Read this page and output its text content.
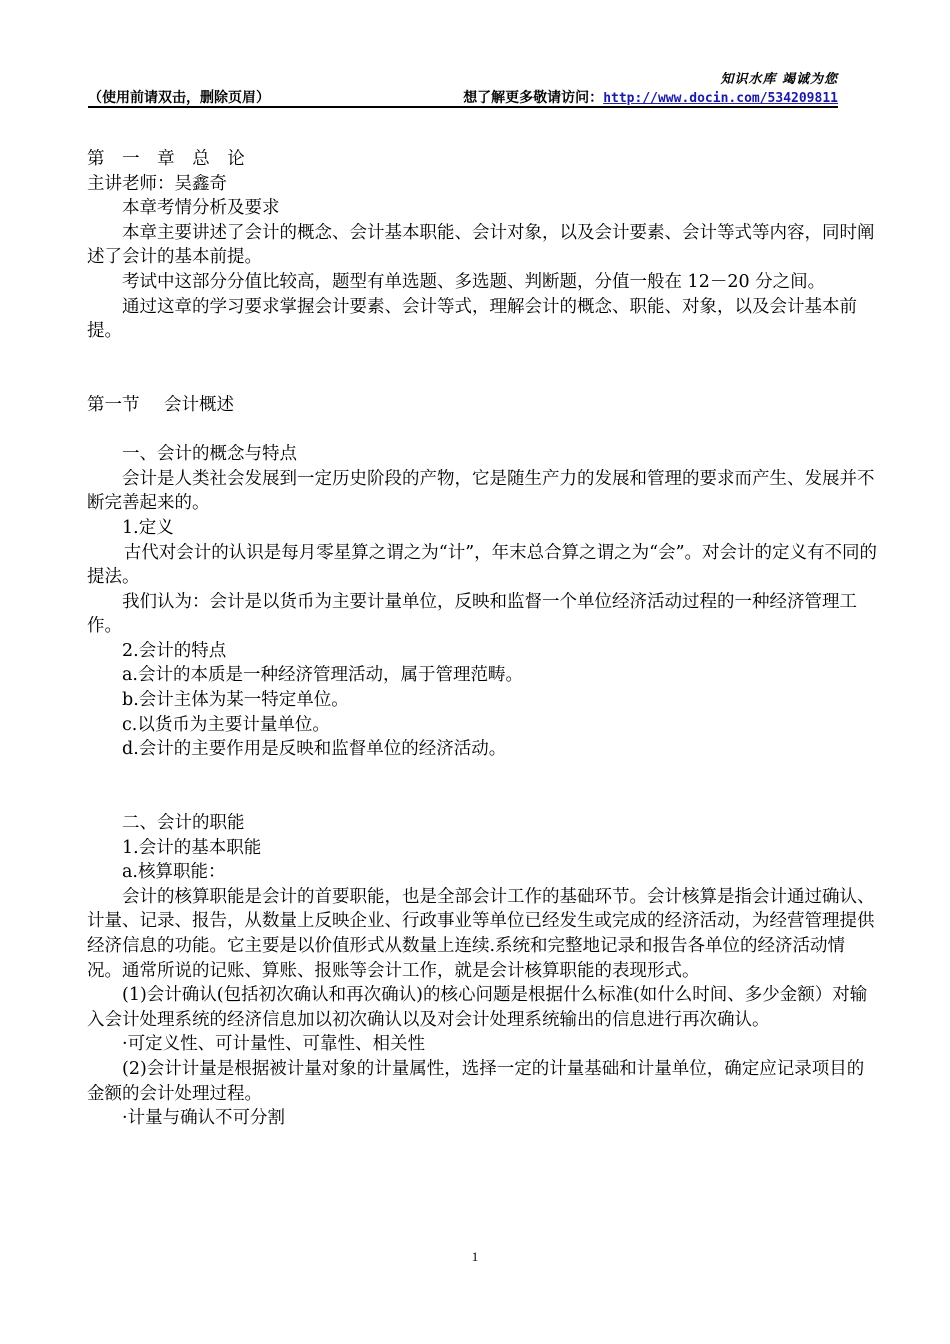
知识水库 竭诚为您
（使用前请双击，删除页眉）	想了解更多敬请访问：http://www.docin.com/534209811

第 一 章 总 论

主讲老师：吴鑫奇

本章考情分析及要求

本章主要讲述了会计的概念、会计基本职能、会计对象，以及会计要素、会计等式等内容，同时阐述了会计的基本前提。

考试中这部分分值比较高，题型有单选题、多选题、判断题，分值一般在 12－20 分之间。

通过这章的学习要求掌握会计要素、会计等式，理解会计的概念、职能、对象，以及会计基本前提。

第一节 会计概述

一、会计的概念与特点

会计是人类社会发展到一定历史阶段的产物，它是随生产力的发展和管理的要求而产生、发展并不断完善起来的。

1.定义

古代对会计的认识是每月零星算之谓之为“计”，年末总合算之谓之为“会”。对会计的定义有不同的提法。

我们认为：会计是以货币为主要计量单位，反映和监督一个单位经济活动过程的一种经济管理工作。

2.会计的特点

a.会计的本质是一种经济管理活动，属于管理范畴。

b.会计主体为某一特定单位。

c.以货币为主要计量单位。

d.会计的主要作用是反映和监督单位的经济活动。

二、会计的职能

1.会计的基本职能

a.核算职能：

会计的核算职能是会计的首要职能，也是全部会计工作的基础环节。会计核算是指会计通过确认、计量、记录、报告，从数量上反映企业、行政事业等单位已经发生或完成的经济活动，为经营管理提供经济信息的功能。它主要是以价值形式从数量上连续.系统和完整地记录和报告各单位的经济活动情况。通常所说的记账、算账、报账等会计工作，就是会计核算职能的表现形式。

(1)会计确认(包括初次确认和再次确认)的核心问题是根据什么标准(如什么时间、多少金额）对输入会计处理系统的经济信息加以初次确认以及对会计处理系统输出的信息进行再次确认。

·可定义性、可计量性、可靠性、相关性

(2)会计计量是根据被计量对象的计量属性，选择一定的计量基础和计量单位，确定应记录项目的金额的会计处理过程。

·计量与确认不可分割

1
